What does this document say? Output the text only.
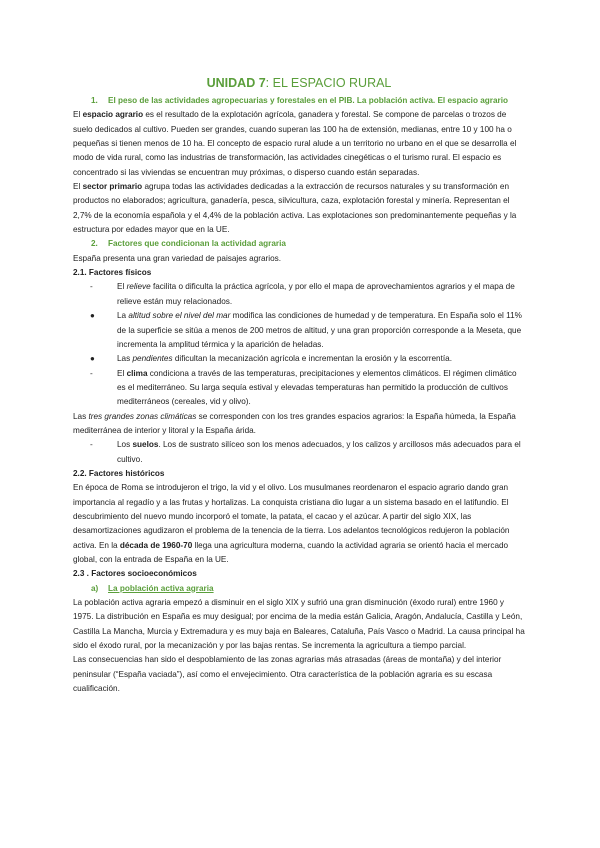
UNIDAD 7: EL ESPACIO RURAL

1.	El peso de las actividades agropecuarias y forestales en el PIB. La población activa. El espacio agrario

El espacio agrario es el resultado de la explotación agrícola, ganadera y forestal. Se compone de parcelas o trozos de suelo dedicados al cultivo. Pueden ser grandes, cuando superan las 100 ha de extensión, medianas, entre 10 y 100 ha o pequeñas si tienen menos de 10 ha. El concepto de espacio rural alude a un territorio no urbano en el que se desarrolla el modo de vida rural, como las industrias de transformación, las actividades cinegéticas o el turismo rural. El espacio es concentrado si las viviendas se encuentran muy próximas, o disperso cuando están separadas.

El sector primario agrupa todas las actividades dedicadas a la extracción de recursos naturales y su transformación en productos no elaborados; agricultura, ganadería, pesca, silvicultura, caza, explotación forestal y minería. Representan el 2,7% de la economía española y el 4,4% de la población activa. Las explotaciones son predominantemente pequeñas y la estructura por edades mayor que en la UE.

2.	Factores que condicionan la actividad agraria

España presenta una gran variedad de paisajes agrarios.

2.1. Factores físicos

-	El relieve facilita o dificulta la práctica agrícola, y por ello el mapa de aprovechamientos agrarios y el mapa de relieve están muy relacionados.

●	La altitud sobre el nivel del mar modifica las condiciones de humedad y de temperatura. En España solo el 11% de la superficie se sitúa a menos de 200 metros de altitud, y una gran proporción corresponde a la Meseta, que incrementa la amplitud térmica y la aparición de heladas.

●	Las pendientes dificultan la mecanización agrícola e incrementan la erosión y la escorrentía.

-	El clima condiciona a través de las temperaturas, precipitaciones y elementos climáticos. El régimen climático es el mediterráneo. Su larga sequía estival y elevadas temperaturas han permitido la producción de cultivos mediterráneos (cereales, vid y olivo).

Las tres grandes zonas climáticas se corresponden con los tres grandes espacios agrarios: la España húmeda, la España mediterránea de interior y litoral y la España árida.

-	Los suelos. Los de sustrato silíceo son los menos adecuados, y los calizos y arcillosos más adecuados para el cultivo.

2.2. Factores históricos

En época de Roma se introdujeron el trigo, la vid y el olivo. Los musulmanes reordenaron el espacio agrario dando gran importancia al regadío y a las frutas y hortalizas. La conquista cristiana dio lugar a un sistema basado en el latifundio. El descubrimiento del nuevo mundo incorporó el tomate, la patata, el cacao y el azúcar. A partir del siglo XIX, las desamortizaciones agudizaron el problema de la tenencia de la tierra. Los adelantos tecnológicos redujeron la población activa. En la década de 1960-70 llega una agricultura moderna, cuando la actividad agraria se orientó hacia el mercado global, con la entrada de España en la UE.

2.3 . Factores socioeconómicos

a) La población activa agraria

La población activa agraria empezó a disminuir en el siglo XIX y sufrió una gran disminución (éxodo rural) entre 1960 y 1975. La distribución en España es muy desigual; por encima de la media están Galicia, Aragón, Andalucía, Castilla y León, Castilla La Mancha, Murcia y Extremadura y es muy baja en Baleares, Cataluña, País Vasco o Madrid. La causa principal ha sido el éxodo rural, por la mecanización y por las bajas rentas. Se incrementa la agricultura a tiempo parcial.

Las consecuencias han sido el despoblamiento de las zonas agrarias más atrasadas (áreas de montaña) y del interior peninsular (“España vaciada”), así como el envejecimiento. Otra característica de la población agraria es su escasa cualificación.
